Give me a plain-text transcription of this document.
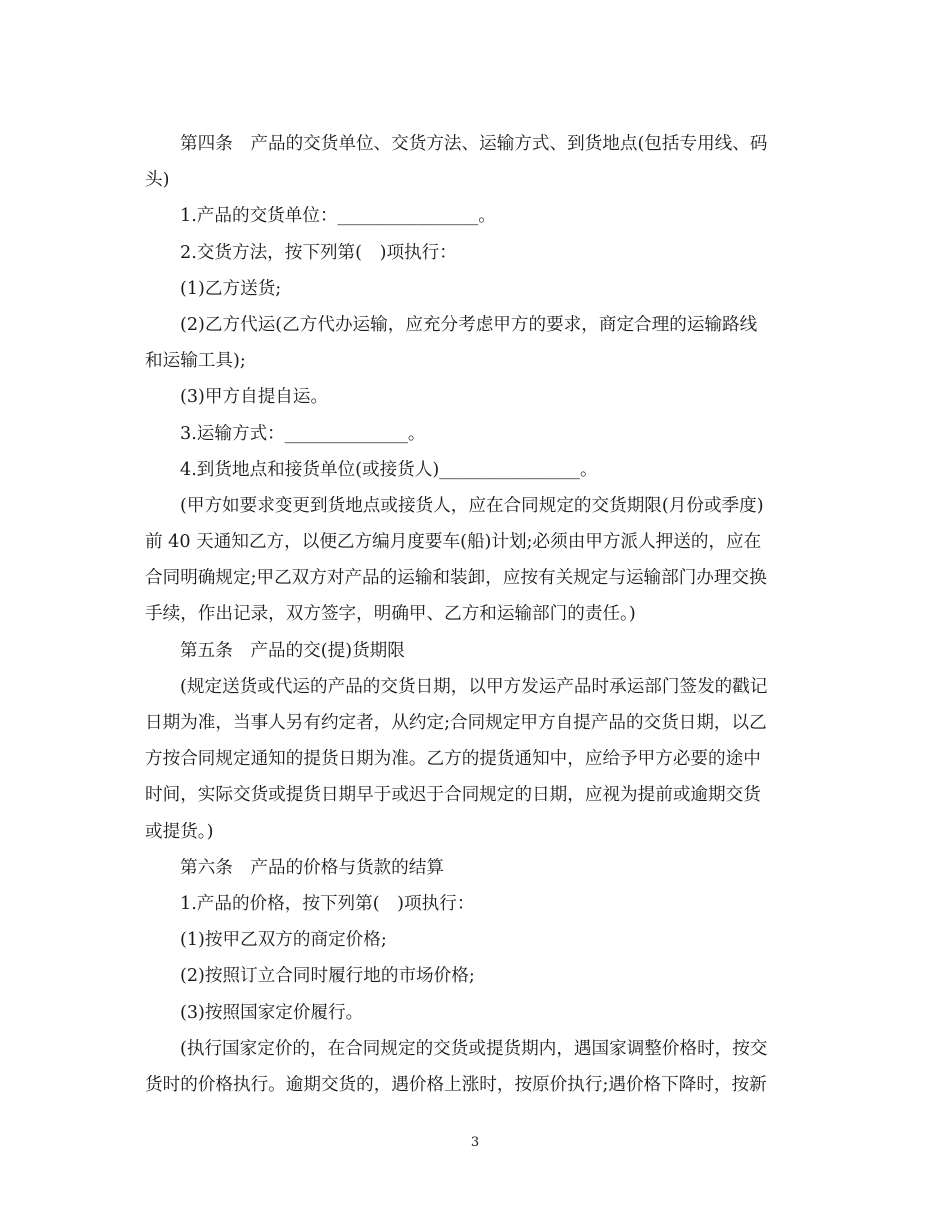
第四条　产品的交货单位、交货方法、运输方式、到货地点(包括专用线、码
头)
1.产品的交货单位：________________。
2.交货方法，按下列第(　)项执行：
(1)乙方送货;
(2)乙方代运(乙方代办运输，应充分考虑甲方的要求，商定合理的运输路线
和运输工具);
(3)甲方自提自运。
3.运输方式：______________。
4.到货地点和接货单位(或接货人)________________。
(甲方如要求变更到货地点或接货人，应在合同规定的交货期限(月份或季度)
前 40 天通知乙方，以便乙方编月度要车(船)计划;必须由甲方派人押送的，应在
合同明确规定;甲乙双方对产品的运输和装卸，应按有关规定与运输部门办理交换
手续，作出记录，双方签字，明确甲、乙方和运输部门的责任。)
第五条　产品的交(提)货期限
(规定送货或代运的产品的交货日期，以甲方发运产品时承运部门签发的戳记
日期为准，当事人另有约定者，从约定;合同规定甲方自提产品的交货日期，以乙
方按合同规定通知的提货日期为准。乙方的提货通知中，应给予甲方必要的途中
时间，实际交货或提货日期早于或迟于合同规定的日期，应视为提前或逾期交货
或提货。)
第六条　产品的价格与货款的结算
1.产品的价格，按下列第(　)项执行：
(1)按甲乙双方的商定价格;
(2)按照订立合同时履行地的市场价格;
(3)按照国家定价履行。
(执行国家定价的，在合同规定的交货或提货期内，遇国家调整价格时，按交
货时的价格执行。逾期交货的，遇价格上涨时，按原价执行;遇价格下降时，按新
3
